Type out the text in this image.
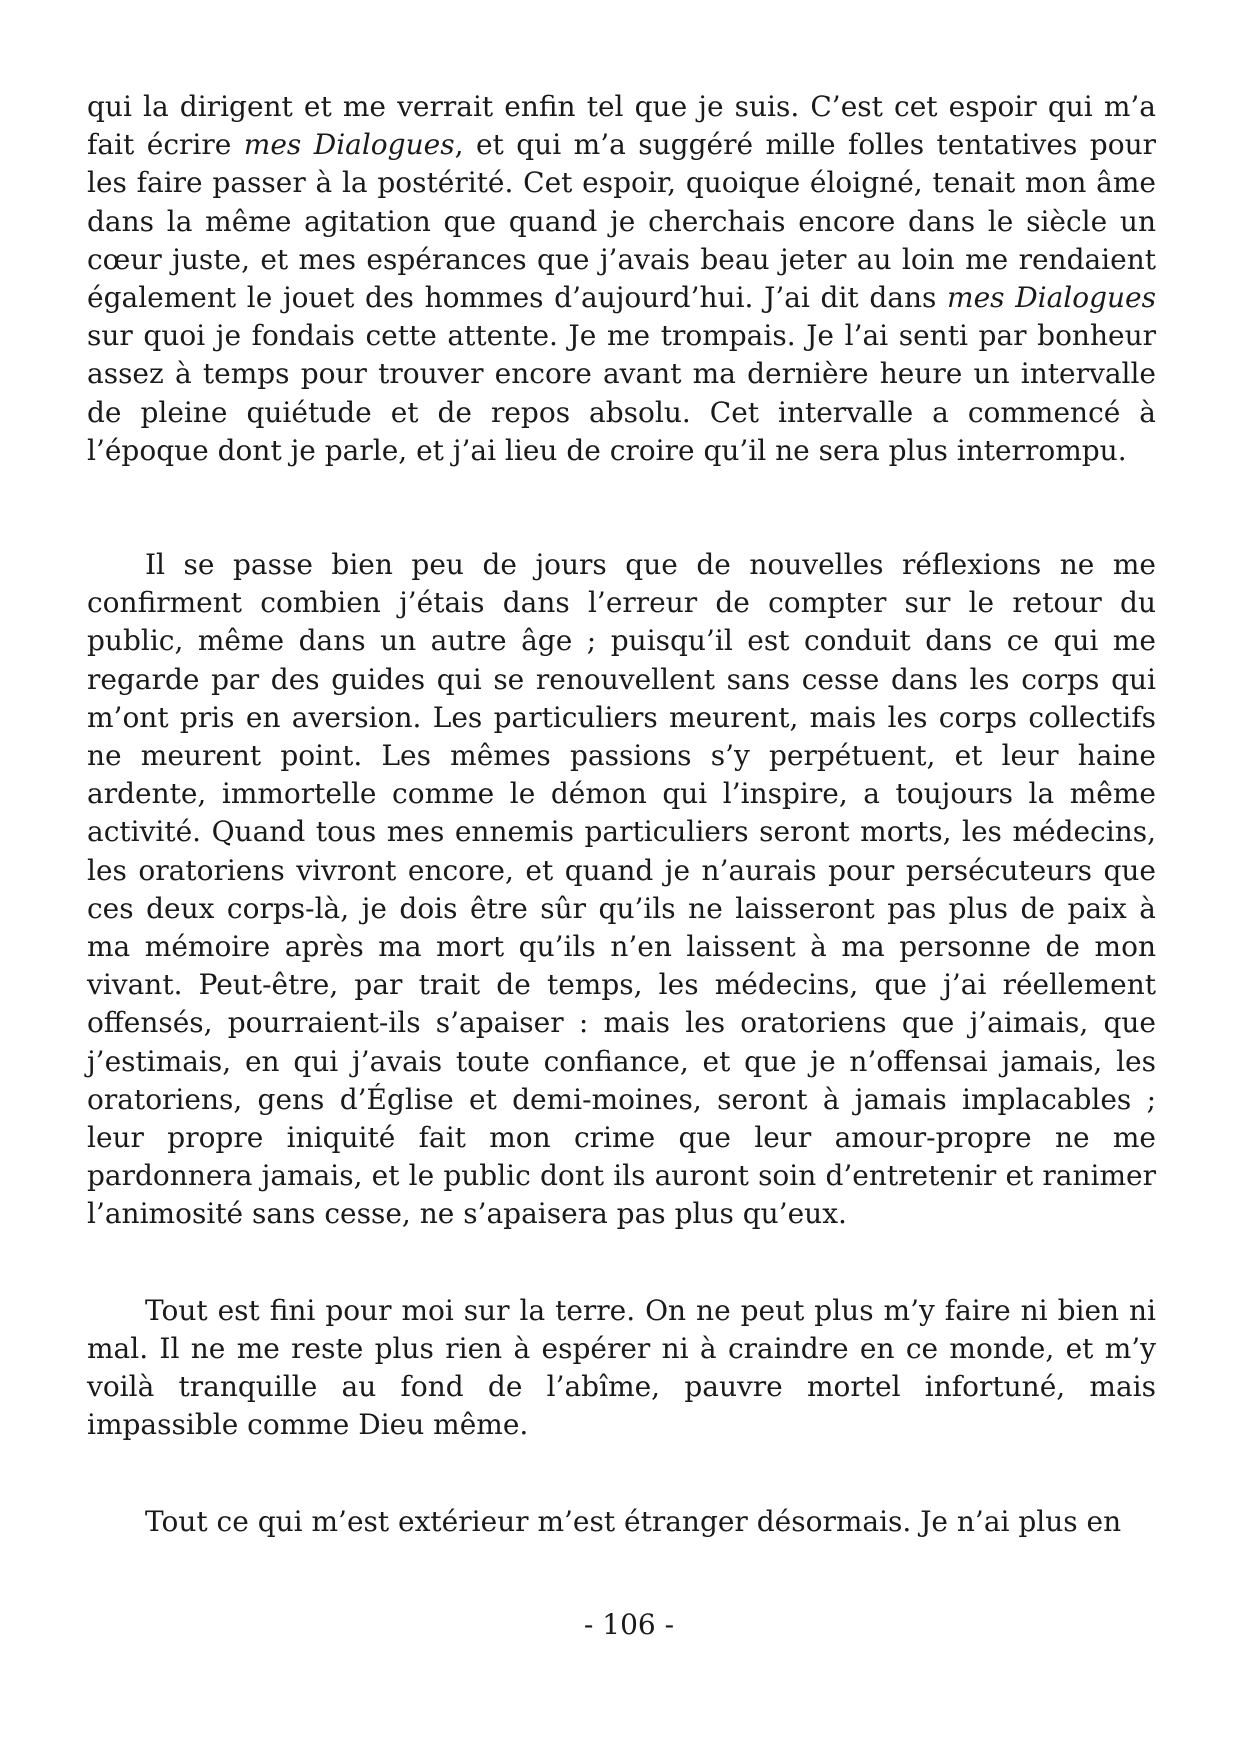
qui la dirigent et me verrait enfin tel que je suis. C’est cet espoir qui m’a fait écrire mes Dialogues, et qui m’a suggéré mille folles tentatives pour les faire passer à la postérité. Cet espoir, quoique éloigné, tenait mon âme dans la même agitation que quand je cherchais encore dans le siècle un cœur juste, et mes espérances que j’avais beau jeter au loin me rendaient également le jouet des hommes d’aujourd’hui. J’ai dit dans mes Dialogues sur quoi je fondais cette attente. Je me trompais. Je l’ai senti par bonheur assez à temps pour trouver encore avant ma dernière heure un intervalle de pleine quiétude et de repos absolu. Cet intervalle a commencé à l’époque dont je parle, et j’ai lieu de croire qu’il ne sera plus interrompu.

Il se passe bien peu de jours que de nouvelles réflexions ne me confirment combien j’étais dans l’erreur de compter sur le retour du public, même dans un autre âge ; puisqu’il est conduit dans ce qui me regarde par des guides qui se renouvellent sans cesse dans les corps qui m’ont pris en aversion. Les particuliers meurent, mais les corps collectifs ne meurent point. Les mêmes passions s’y perpétuent, et leur haine ardente, immortelle comme le démon qui l’inspire, a toujours la même activité. Quand tous mes ennemis particuliers seront morts, les médecins, les oratoriens vivront encore, et quand je n’aurais pour persécuteurs que ces deux corps-là, je dois être sûr qu’ils ne laisseront pas plus de paix à ma mémoire après ma mort qu’ils n’en laissent à ma personne de mon vivant. Peut-être, par trait de temps, les médecins, que j’ai réellement offensés, pourraient-ils s’apaiser : mais les oratoriens que j’aimais, que j’estimais, en qui j’avais toute confiance, et que je n’offensai jamais, les oratoriens, gens d’Église et demi-moines, seront à jamais implacables ; leur propre iniquité fait mon crime que leur amour-propre ne me pardonnera jamais, et le public dont ils auront soin d’entretenir et ranimer l’animosité sans cesse, ne s’apaisera pas plus qu’eux.

Tout est fini pour moi sur la terre. On ne peut plus m’y faire ni bien ni mal. Il ne me reste plus rien à espérer ni à craindre en ce monde, et m’y voilà tranquille au fond de l’abîme, pauvre mortel infortuné, mais impassible comme Dieu même.

Tout ce qui m’est extérieur m’est étranger désormais. Je n’ai plus en

- 106 -
